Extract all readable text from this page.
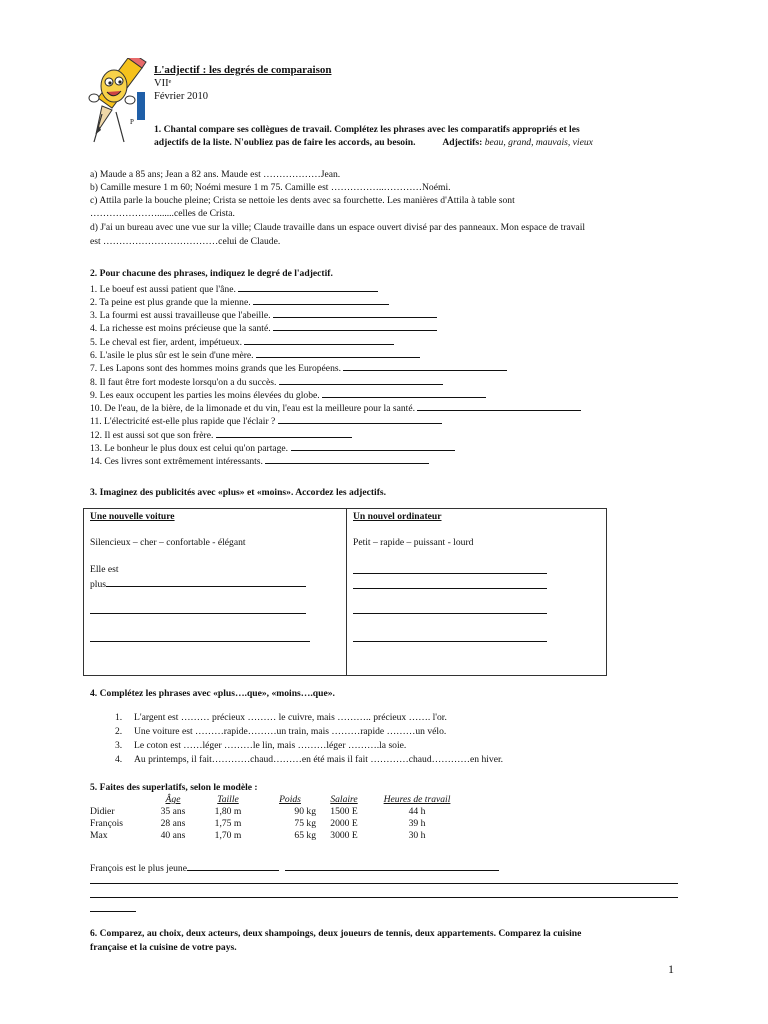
P
L'adjectif : les degrés de comparaison
VIIᵉ
Février 2010
1. Chantal compare ses collègues de travail. Complétez les phrases avec les comparatifs appropriés et les
adjectifs de la liste. N'oubliez pas de faire les accords, au besoin.	Adjectifs: beau, grand, mauvais, vieux
a) Maude a 85 ans; Jean a 82 ans. Maude est ………………Jean.
b) Camille mesure 1 m 60; Noémi mesure 1 m 75. Camille est ……………..…………Noémi.
c) Attila parle la bouche pleine; Crista se nettoie les dents avec sa fourchette. Les manières d'Attila à table sont
………………….......celles de Crista.
d) J'ai un bureau avec une vue sur la ville; Claude travaille dans un espace ouvert divisé par des panneaux. Mon espace de travail
est ………………………………celui de Claude.
2. Pour chacune des phrases, indiquez le degré de l'adjectif.
1. Le boeuf est aussi patient que l'âne.
2. Ta peine est plus grande que la mienne.
3. La fourmi est aussi travailleuse que l'abeille.
4. La richesse est moins précieuse que la santé.
5. Le cheval est fier, ardent, impétueux.
6. L'asile le plus sûr est le sein d'une mère.
7. Les Lapons sont des hommes moins grands que les Européens.
8. Il faut être fort modeste lorsqu'on a du succès.
9. Les eaux occupent les parties les moins élevées du globe.
10. De l'eau, de la bière, de la limonade et du vin, l'eau est la meilleure pour la santé.
11. L'électricité est-elle plus rapide que l'éclair ?
12. Il est aussi sot que son frère.
13. Le bonheur le plus doux est celui qu'on partage.
14. Ces livres sont extrêmement intéressants.
3. Imaginez des publicités avec «plus» et «moins». Accordez les adjectifs.
Une nouvelle voiture
Silencieux – cher – confortable - élégant
Elle est
plus

Un nouvel ordinateur
Petit – rapide – puissant - lourd
4. Complétez les phrases avec «plus….que», «moins….que».
1. L'argent est ……… précieux ……… le cuivre, mais ……….. précieux ……. l'or.
2. Une voiture est ………rapide………un train, mais ………rapide ………un vélo.
3. Le coton est ……léger ………le lin, mais ………léger ……….la soie.
4. Au printemps, il fait…………chaud………en été mais il fait …………chaud…………en hiver.
5. Faites des superlatifs, selon le modèle :
	Âge	Taille	Poids	Salaire	Heures de travail
Didier	35 ans	1,80 m	90 kg	1500 E	44 h
François	28 ans	1,75 m	75 kg	2000 E	39 h
Max	40 ans	1,70 m	65 kg	3000 E	30 h
François est le plus jeune
6. Comparez, au choix, deux acteurs, deux shampoings, deux joueurs de tennis, deux appartements. Comparez la cuisine
française et la cuisine de votre pays.
1
